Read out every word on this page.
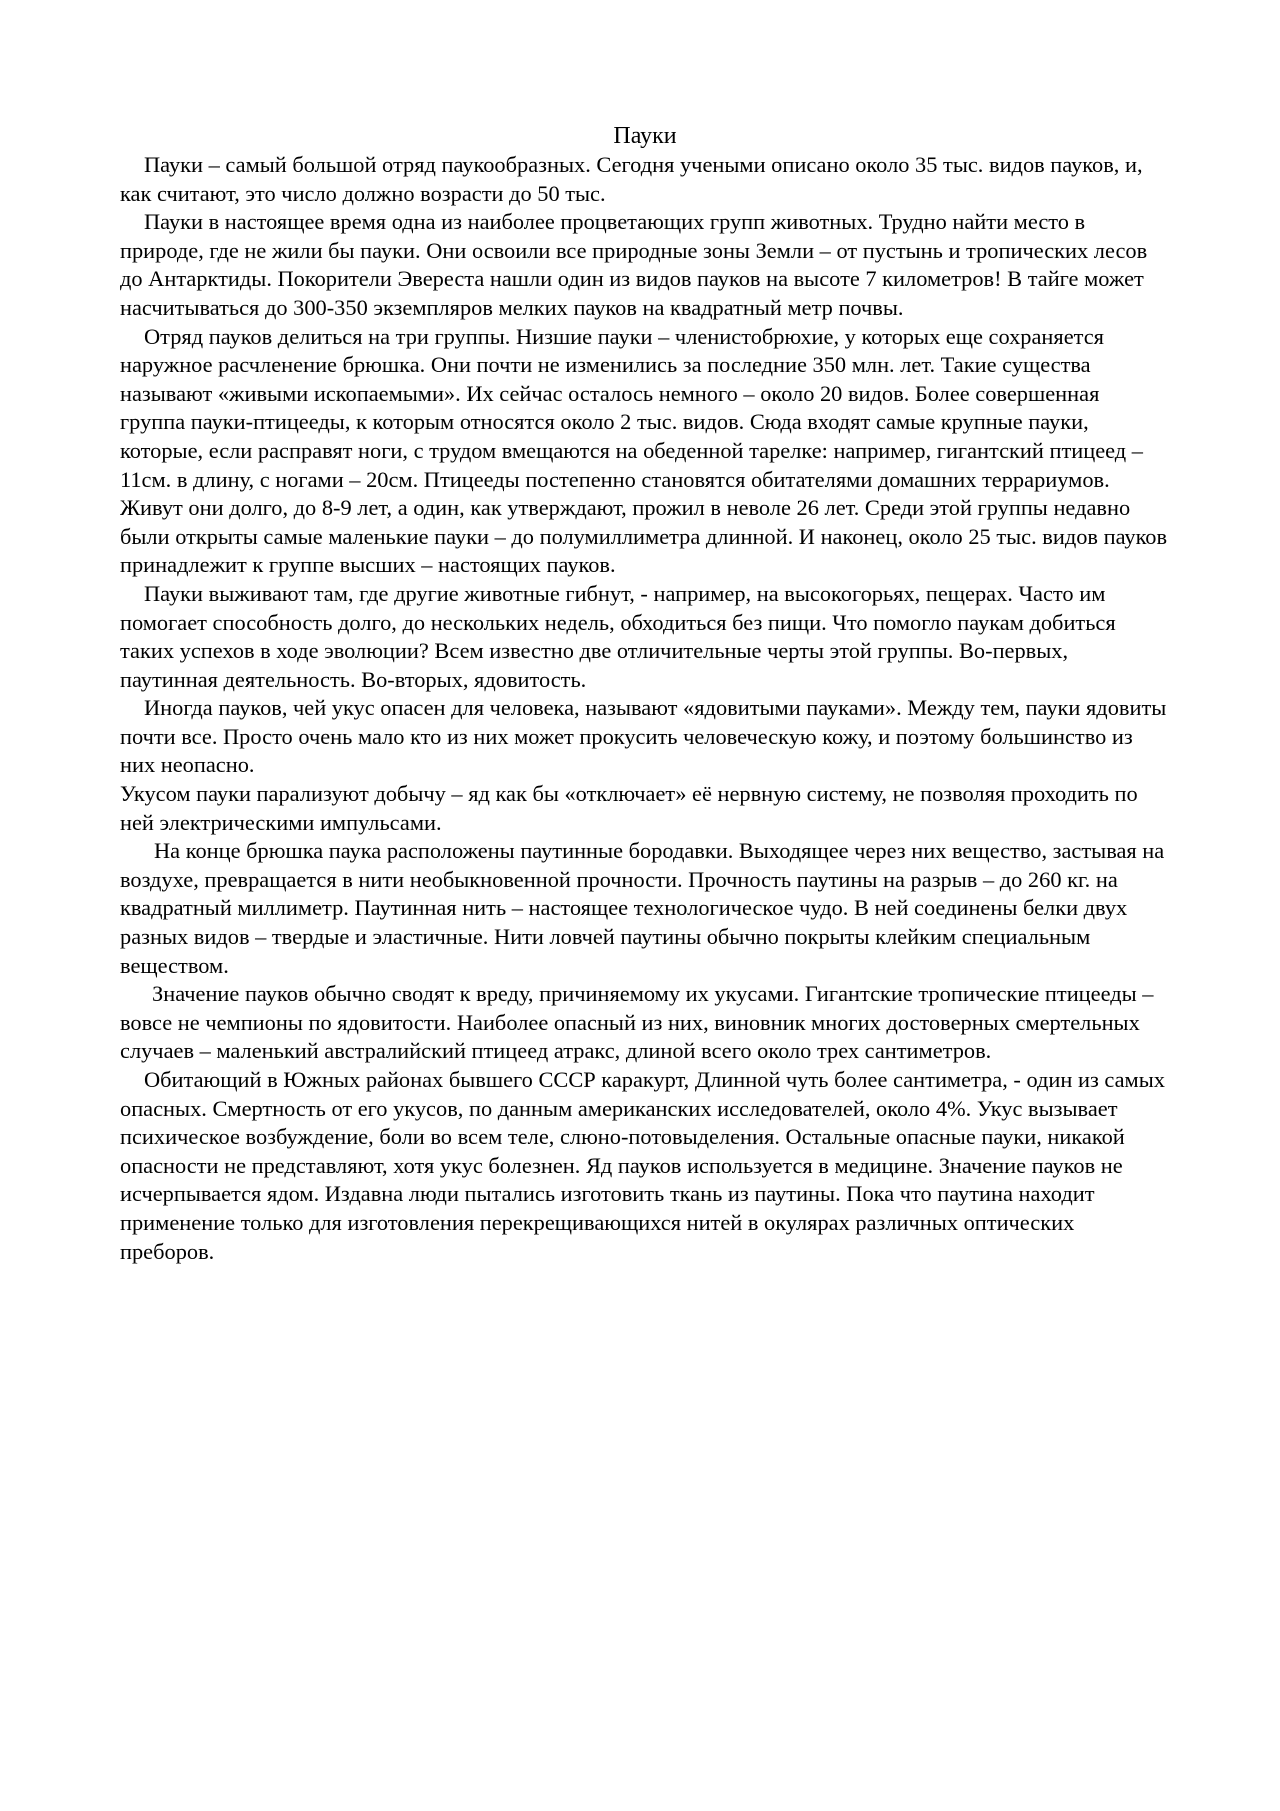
Пауки

Пауки – самый большой отряд паукообразных. Сегодня учеными описано около 35 тыс. видов пауков, и, как считают, это число должно возрасти до 50 тыс.

Пауки в настоящее время одна из наиболее процветающих групп животных. Трудно найти место в природе, где не жили бы пауки. Они освоили все природные зоны Земли – от пустынь и тропических лесов до Антарктиды. Покорители Эвереста нашли один из видов пауков на высоте 7 километров! В тайге может насчитываться до 300-350 экземпляров мелких пауков на квадратный метр почвы.

Отряд пауков делиться на три группы. Низшие пауки – членистобрюхие, у которых еще сохраняется наружное расчленение брюшка. Они почти не изменились за последние 350 млн. лет. Такие существа называют «живыми ископаемыми». Их сейчас осталось немного – около 20 видов. Более совершенная группа пауки-птицееды, к которым относятся около 2 тыс. видов. Сюда входят самые крупные пауки, которые, если расправят ноги, с трудом вмещаются на обеденной тарелке: например, гигантский птицеед – 11см. в длину, с ногами – 20см. Птицееды постепенно становятся обитателями домашних террариумов. Живут они долго, до 8-9 лет, а один, как утверждают, прожил в неволе 26 лет. Среди этой группы недавно были открыты самые маленькие пауки – до полумиллиметра длинной. И наконец, около 25 тыс. видов пауков принадлежит к группе высших – настоящих пауков.

Пауки выживают там, где другие животные гибнут, - например, на высокогорьях, пещерах. Часто им помогает способность долго, до нескольких недель, обходиться без пищи. Что помогло паукам добиться таких успехов в ходе эволюции? Всем известно две отличительные черты этой группы. Во-первых, паутинная деятельность. Во-вторых, ядовитость.

Иногда пауков, чей укус опасен для человека, называют «ядовитыми пауками». Между тем, пауки ядовиты почти все. Просто очень мало кто из них может прокусить человеческую кожу, и поэтому большинство из них неопасно.

Укусом пауки парализуют добычу – яд как бы «отключает» её нервную систему, не позволяя проходить по ней электрическими импульсами.

На конце брюшка паука расположены паутинные бородавки. Выходящее через них вещество, застывая на воздухе, превращается в нити необыкновенной прочности. Прочность паутины на разрыв – до 260 кг. на квадратный миллиметр. Паутинная нить – настоящее технологическое чудо. В ней соединены белки двух разных видов – твердые и эластичные. Нити ловчей паутины обычно покрыты клейким специальным веществом.

Значение пауков обычно сводят к вреду, причиняемому их укусами. Гигантские тропические птицееды – вовсе не чемпионы по ядовитости. Наиболее опасный из них, виновник многих достоверных смертельных случаев – маленький австралийский птицеед атракс, длиной всего около трех сантиметров.

Обитающий в Южных районах бывшего СССР каракурт, Длинной чуть более сантиметра, - один из самых опасных. Смертность от его укусов, по данным американских исследователей, около 4%. Укус вызывает психическое возбуждение, боли во всем теле, слюно-потовыделения. Остальные опасные пауки, никакой опасности не представляют, хотя укус болезнен. Яд пауков используется в медицине. Значение пауков не исчерпывается ядом. Издавна люди пытались изготовить ткань из паутины. Пока что паутина находит применение только для изготовления перекрещивающихся нитей в окулярах различных оптических преборов.
